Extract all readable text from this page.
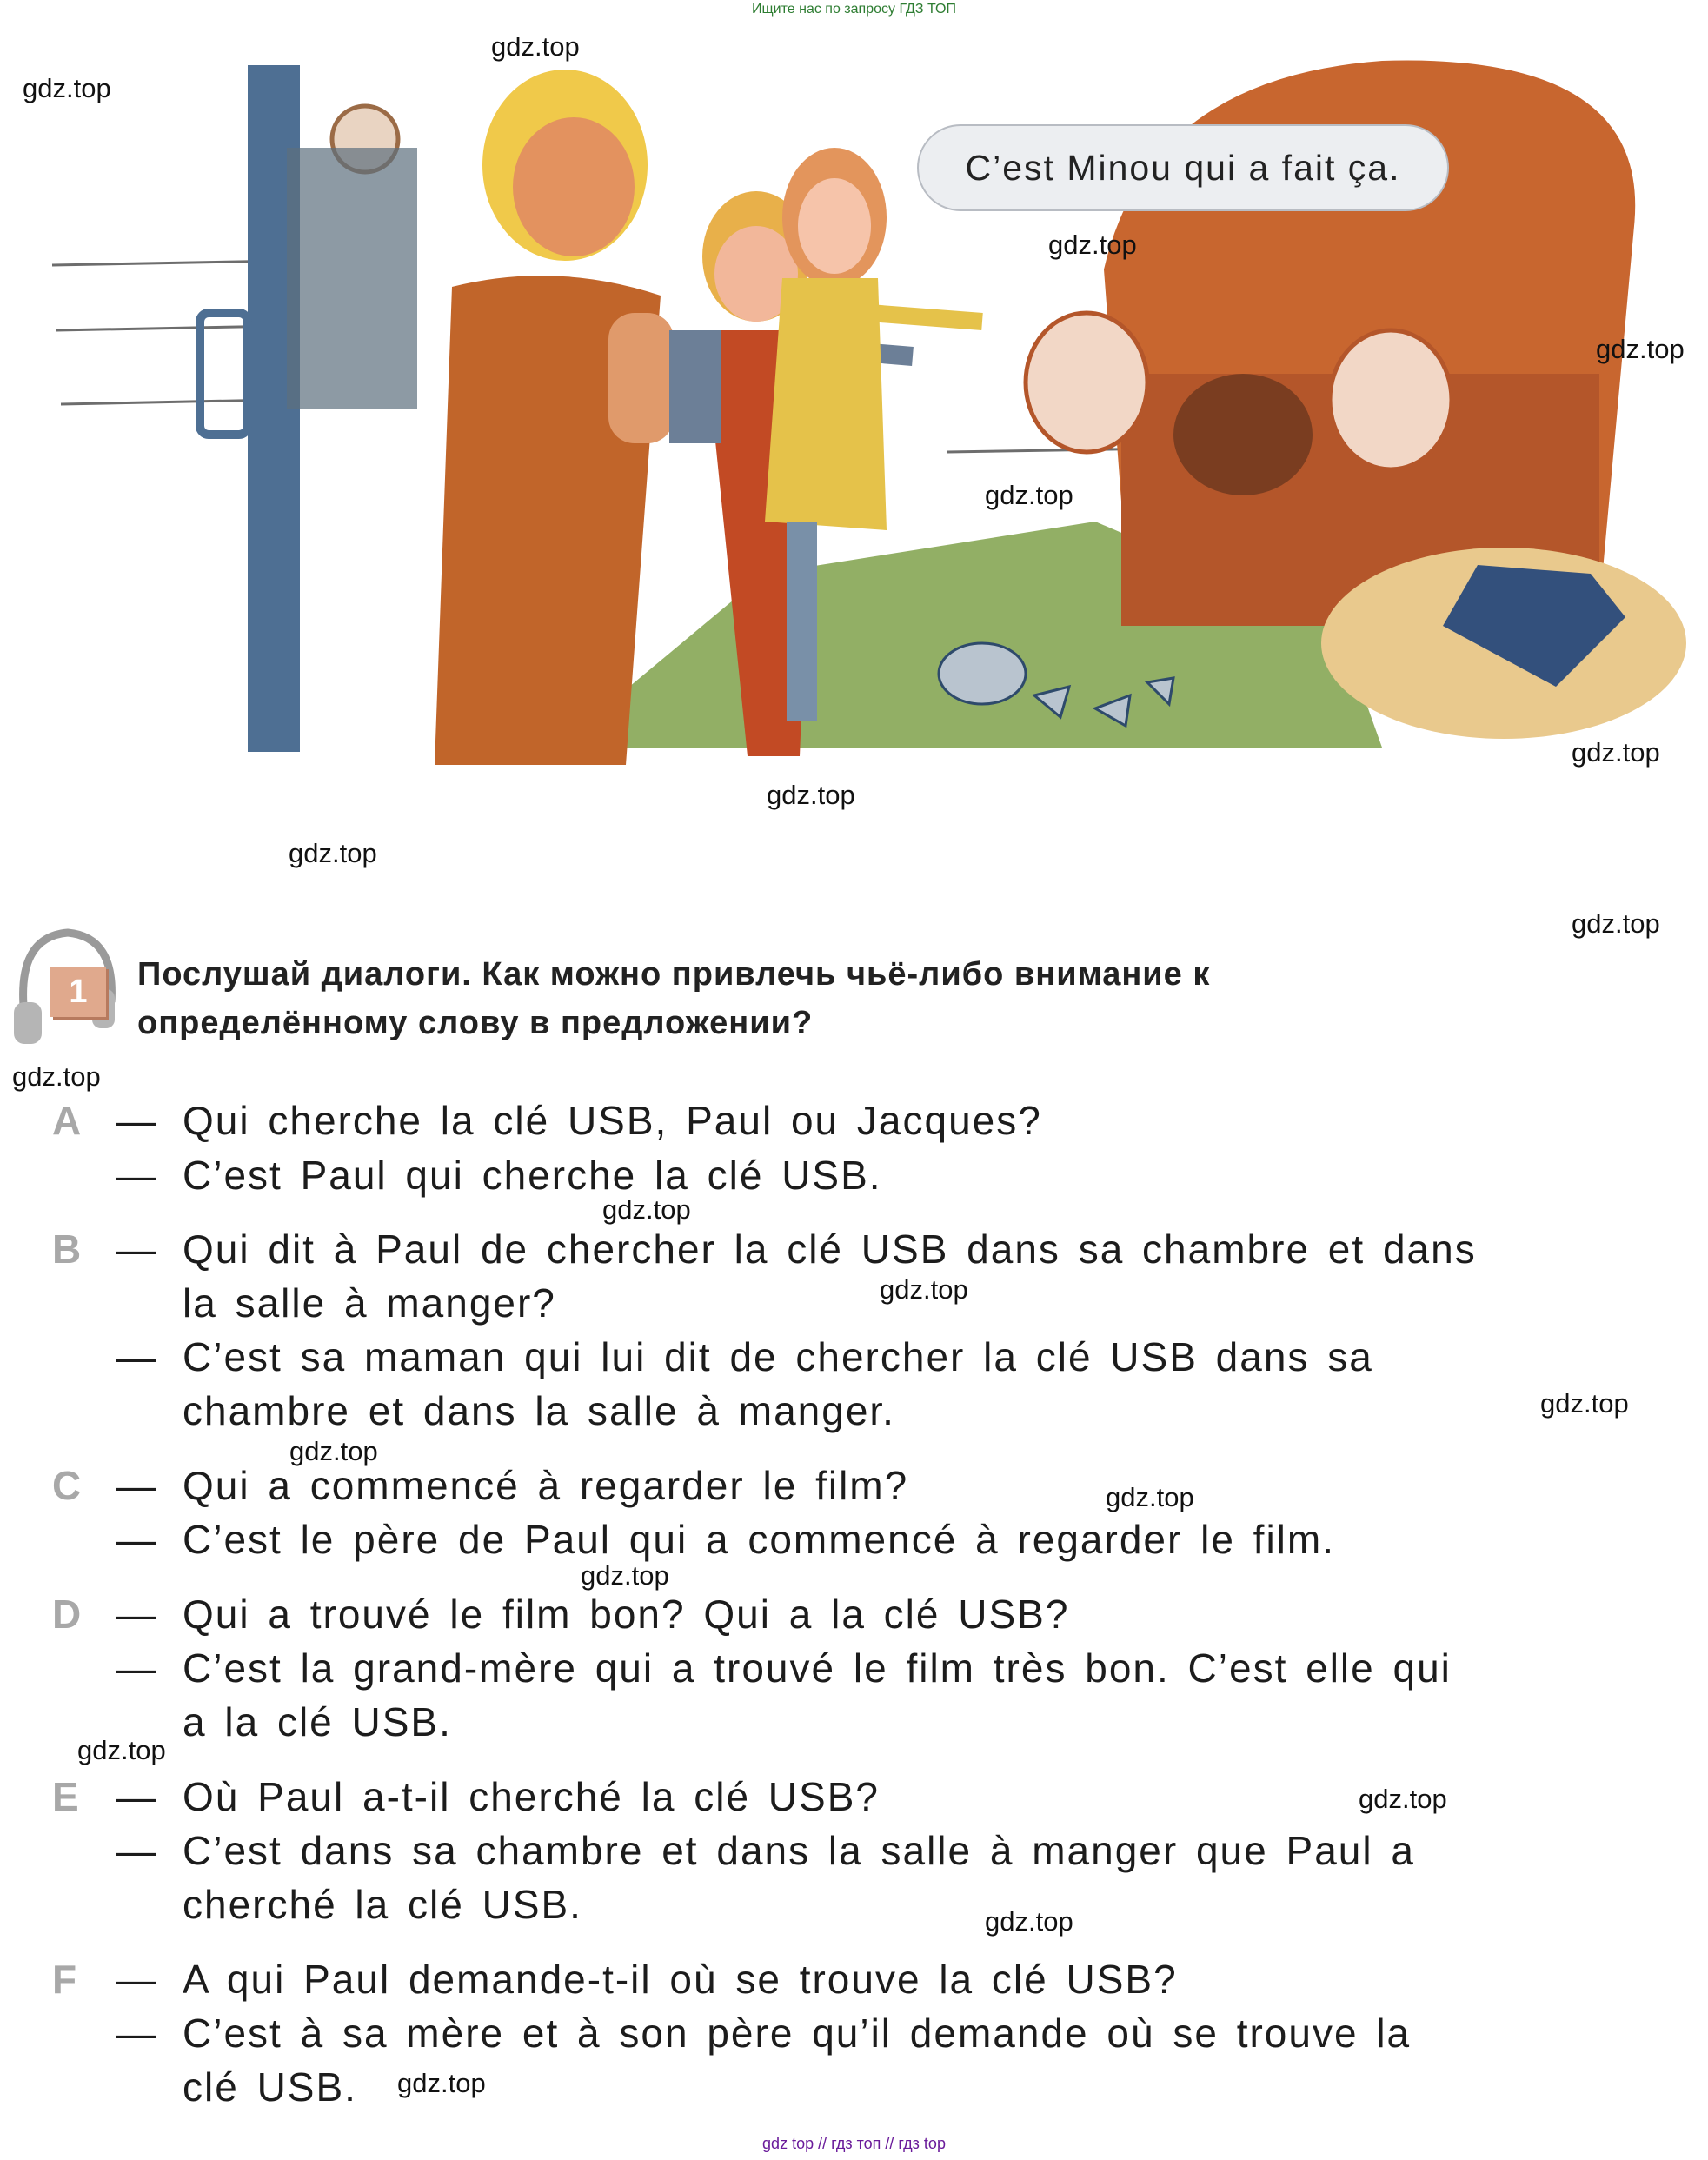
Ищите нас по запросу ГДЗ ТОП
C’est Minou qui a fait ça.
gdz.top
gdz.top
gdz.top
gdz.top
gdz.top
gdz.top
gdz.top
gdz.top
gdz.top
gdz.top
gdz.top
gdz.top
gdz.top
gdz.top
gdz.top
gdz.top
gdz.top
gdz.top
gdz.top
gdz.top
1	Послушай диалоги. Как можно привлечь чьё-либо внимание к
определённому слову в предложении?
A — Qui cherche la clé USB, Paul ou Jacques?
— C’est Paul qui cherche la clé USB.
B — Qui dit à Paul de chercher la clé USB dans sa chambre et dans
la salle à manger?
— C’est sa maman qui lui dit de chercher la clé USB dans sa
chambre et dans la salle à manger.
C — Qui a commencé à regarder le film?
— C’est le père de Paul qui a commencé à regarder le film.
D — Qui a trouvé le film bon? Qui a la clé USB?
— C’est la grand-mère qui a trouvé le film très bon. C’est elle qui
a la clé USB.
E — Où Paul a-t-il cherché la clé USB?
— C’est dans sa chambre et dans la salle à manger que Paul a
cherché la clé USB.
F — A qui Paul demande-t-il où se trouve la clé USB?
— C’est à sa mère et à son père qu’il demande où se trouve la
clé USB.
gdz top // гдз топ // гдз top
